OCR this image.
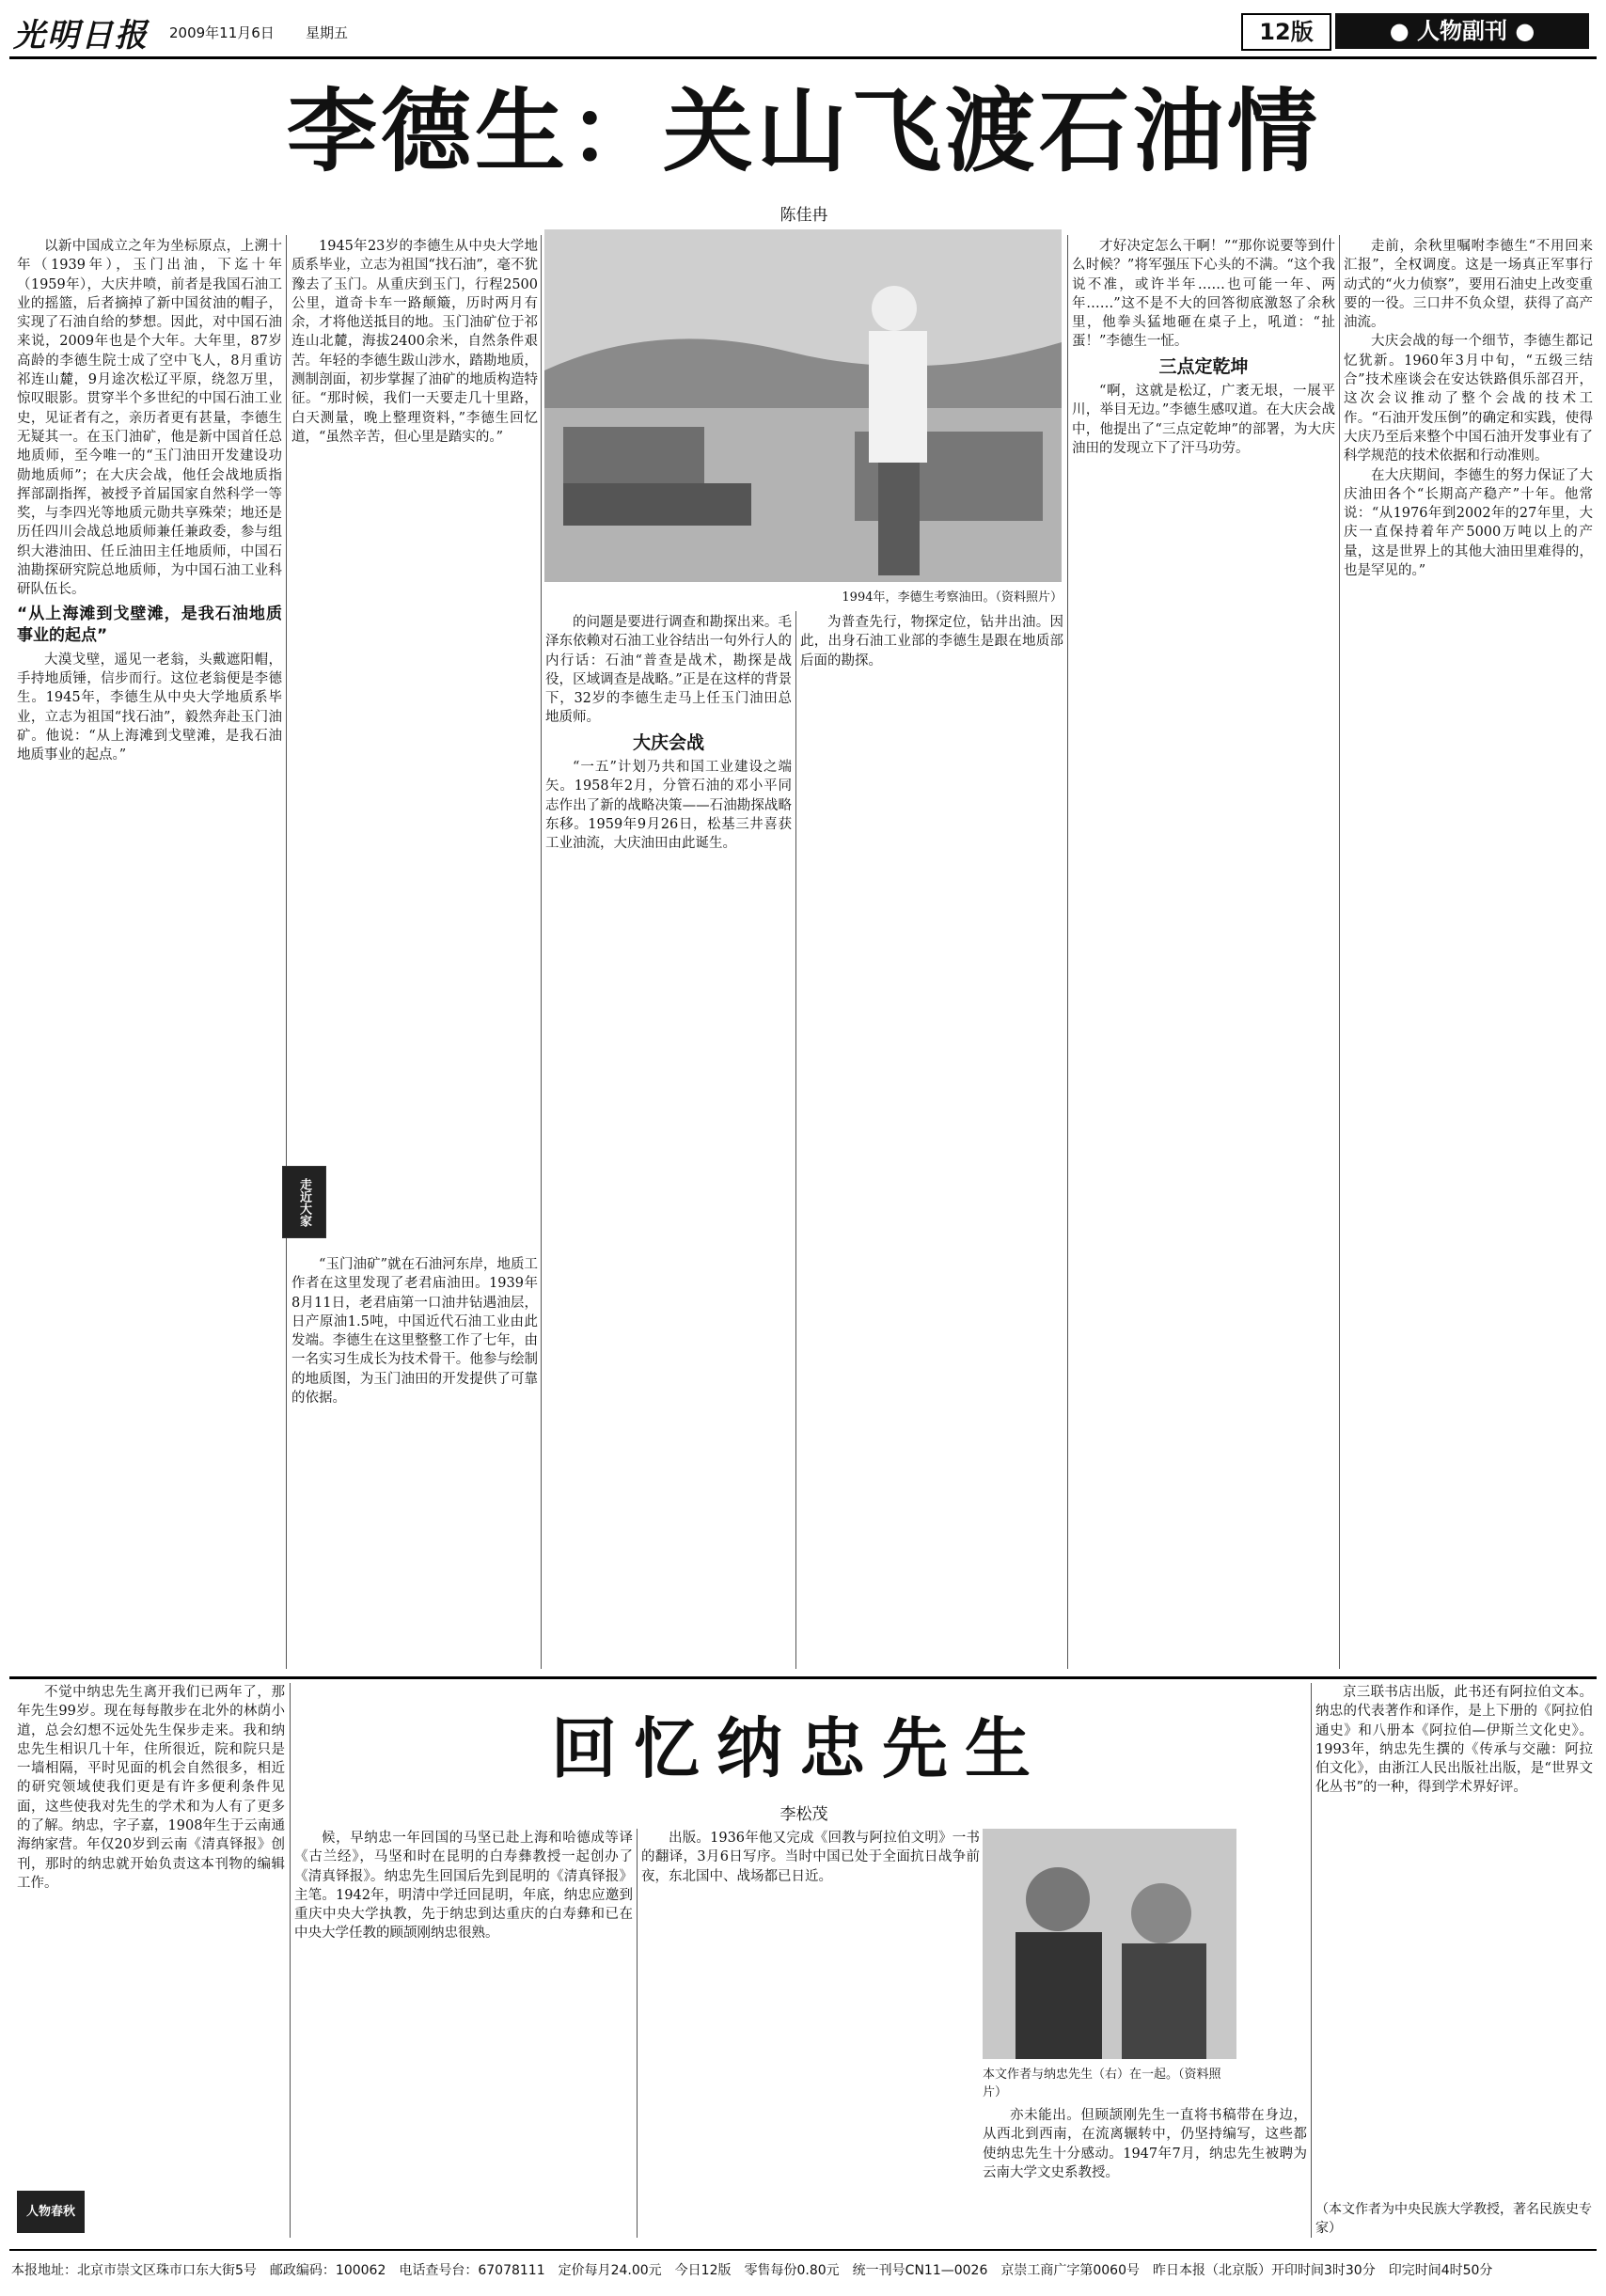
光明日报 2009年11月6日 星期五	12版	● 人物副刊 ●
李德生：关山飞渡石油情
陈佳冉
1994年，李德生考察油田。（资料照片）

以新中国成立之年为坐标原点，上溯十年（1939年），玉门出油，下迄十年（1959年），大庆井喷，前者是我国石油工业的摇篮，后者摘掉了新中国贫油的帽子，实现了石油自给的梦想。因此，对中国石油来说，2009年也是个大年。大年里，87岁高龄的李德生院士成了空中飞人，8月重访祁连山麓，9月途次松辽平原，绕忽万里，惊叹眼影。贯穿半个多世纪的中国石油工业史，见证者有之，亲历者更有甚量，李德生无疑其一。在玉门油矿，他是新中国首任总地质师，至今唯一的“玉门油田开发建设功勋地质师”；在大庆会战，他任会战地质指挥部副指挥，被授予首届国家自然科学一等奖，与李四光等地质元勋共享殊荣；地还是历任四川会战总地质师兼任兼政委，参与组织大港油田、任丘油田主任地质师，中国石油勘探研究院总地质师，为中国石油工业科研队伍长。

“从上海滩到戈壁滩，是我石油地质事业的起点”

大漠戈壁，遥见一老翁，头戴遮阳帽，手持地质锤，信步而行。这位老翁便是李德生。1945年，李德生从中央大学地质系毕业，立志为祖国“找石油”，毅然奔赴玉门油矿。他说：“从上海滩到戈壁滩，是我石油地质事业的起点。”

1945年23岁的李德生从中央大学地质系毕业，立志为祖国“找石油”，毫不犹豫去了玉门。从重庆到玉门，行程2500公里，道奇卡车一路颠簸，历时两月有余，才将他送抵目的地。玉门油矿位于祁连山北麓，海拔2400余米，自然条件艰苦。年轻的李德生跋山涉水，踏勘地质，测制剖面，初步掌握了油矿的地质构造特征。“那时候，我们一天要走几十里路，白天测量，晚上整理资料，”李德生回忆道，“虽然辛苦，但心里是踏实的。”

走近大家

“玉门油矿”就在石油河东岸，地质工作者在这里发现了老君庙油田。1939年8月11日，老君庙第一口油井钻遇油层，日产原油1.5吨，中国近代石油工业由此发端。李德生在这里整整工作了七年，由一名实习生成长为技术骨干。他参与绘制的地质图，为玉门油田的开发提供了可靠的依据。

的问题是要进行调查和勘探出来。毛泽东依赖对石油工业谷结出一句外行人的内行话：石油“普查是战术，勘探是战役，区域调查是战略。”正是在这样的背景下，32岁的李德生走马上任玉门油田总地质师。

大庆会战

“一五”计划乃共和国工业建设之端矢。1958年2月，分管石油的邓小平同志作出了新的战略决策——石油勘探战略东移。1959年9月26日，松基三井喜获工业油流，大庆油田由此诞生。

为普查先行，物探定位，钻井出油。因此，出身石油工业部的李德生是跟在地质部后面的勘探。

才好决定怎么干啊！”“那你说要等到什么时候？”将军强压下心头的不满。“这个我说不准，或许半年……也可能一年、两年……”这不是不大的回答彻底激怒了余秋里，他拳头猛地砸在桌子上，吼道：“扯蛋！”李德生一怔。

三点定乾坤

“啊，这就是松辽，广袤无垠，一展平川，举目无边。”李德生感叹道。在大庆会战中，他提出了“三点定乾坤”的部署，为大庆油田的发现立下了汗马功劳。

走前，余秋里嘱咐李德生“不用回来汇报”，全权调度。这是一场真正军事行动式的“火力侦察”，要用石油史上改变重要的一役。三口井不负众望，获得了高产油流。

大庆会战的每一个细节，李德生都记忆犹新。1960年3月中旬，“五级三结合”技术座谈会在安达铁路俱乐部召开，这次会议推动了整个会战的技术工作。“石油开发压倒”的确定和实践，使得大庆乃至后来整个中国石油开发事业有了科学规范的技术依据和行动准则。

在大庆期间，李德生的努力保证了大庆油田各个“长期高产稳产”十年。他常说：“从1976年到2002年的27年里，大庆一直保持着年产5000万吨以上的产量，这是世界上的其他大油田里难得的，也是罕见的。”

回忆纳忠先生
李松茂

不觉中纳忠先生离开我们已两年了，那年先生99岁。现在每每散步在北外的林荫小道，总会幻想不远处先生保步走来。我和纳忠先生相识几十年，住所很近，院和院只是一墙相隔，平时见面的机会自然很多，相近的研究领域使我们更是有许多便利条件见面，这些使我对先生的学术和为人有了更多的了解。纳忠，字子嘉，1908年生于云南通海纳家营。年仅20岁到云南《清真铎报》创刊，那时的纳忠就开始负责这本刊物的编辑工作。

人物春秋

候，早纳忠一年回国的马坚已赴上海和哈德成等译《古兰经》，马坚和时在昆明的白寿彝教授一起创办了《清真铎报》。纳忠先生回国后先到昆明的《清真铎报》主笔。1942年，明清中学迁回昆明，年底，纳忠应邀到重庆中央大学执教，先于纳忠到达重庆的白寿彝和已在中央大学任教的顾颉刚纳忠很熟。

出版。1936年他又完成《回教与阿拉伯文明》一书的翻译，3月6日写序。当时中国已处于全面抗日战争前夜，东北国中、战场都已日近。

本文作者与纳忠先生（右）在一起。（资料照片）

亦未能出。但顾颉刚先生一直将书稿带在身边，从西北到西南，在流离辗转中，仍坚持编写，这些都使纳忠先生十分感动。1947年7月，纳忠先生被聘为云南大学文史系教授。

京三联书店出版，此书还有阿拉伯文本。纳忠的代表著作和译作，是上下册的《阿拉伯通史》和八册本《阿拉伯—伊斯兰文化史》。1993年，纳忠先生撰的《传承与交融：阿拉伯文化》，由浙江人民出版社出版，是“世界文化丛书”的一种，得到学术界好评。

（本文作者为中央民族大学教授，著名民族史专家）
本报地址：北京市崇文区珠市口东大街5号　邮政编码：100062　电话查号台：67078111　定价每月24.00元　今日12版　零售每份0.80元　统一刊号CN11—0026　京崇工商广字第0060号　昨日本报（北京版）开印时间3时30分　印完时间4时50分
